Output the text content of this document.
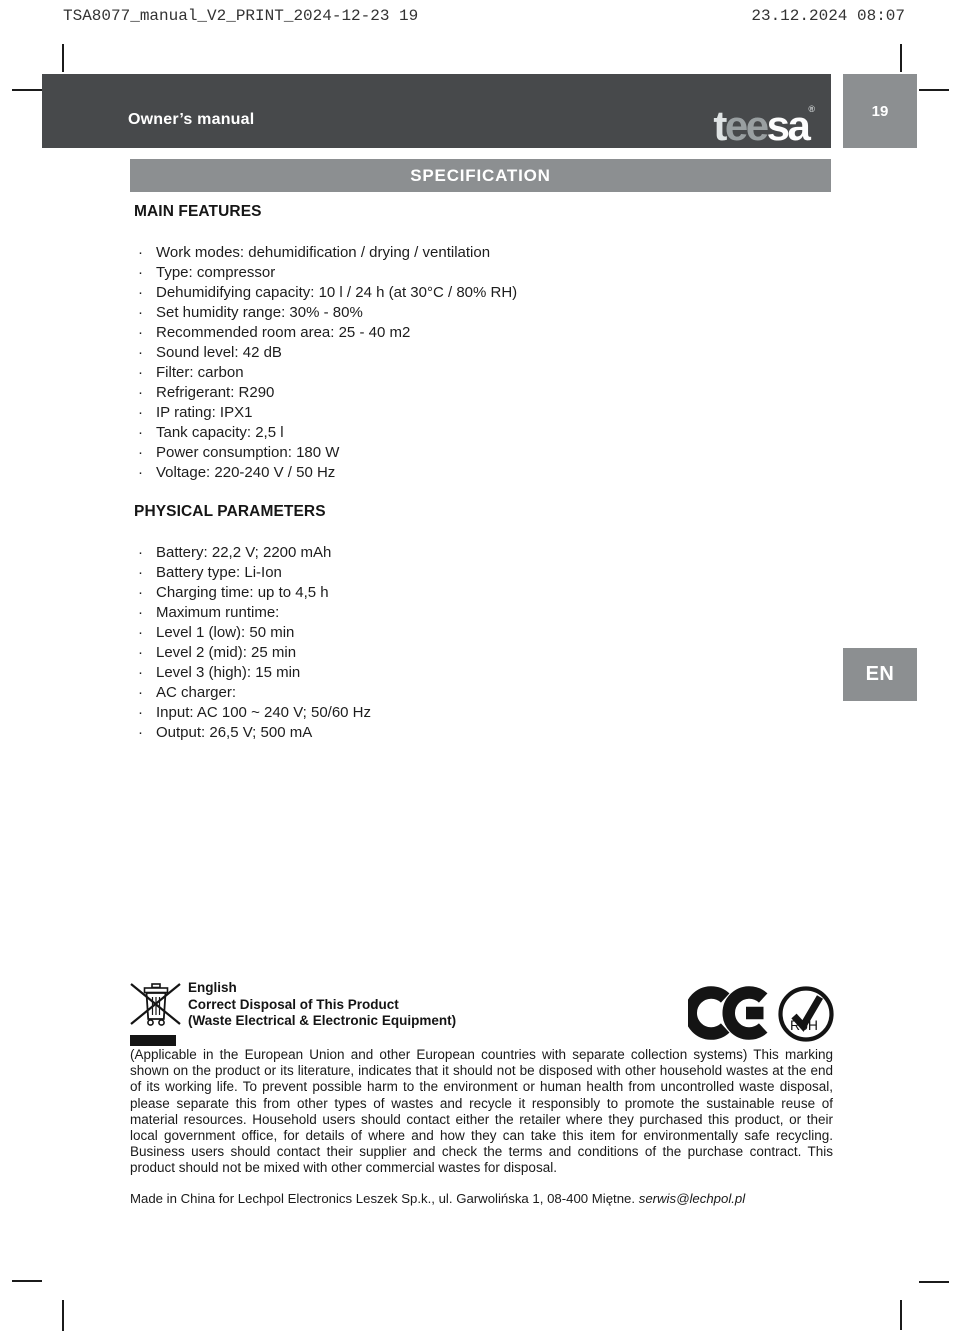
TSA8077_manual_V2_PRINT_2024-12-23 19	23.12.2024 08:07
Owner’s manual	teesa®	19
SPECIFICATION
MAIN FEATURES
· Work modes: dehumidification / drying / ventilation
· Type: compressor
· Dehumidifying capacity: 10 l / 24 h (at 30°C / 80% RH)
· Set humidity range: 30% - 80%
· Recommended room area: 25 - 40 m2
· Sound level: 42 dB
· Filter: carbon
· Refrigerant: R290
· IP rating: IPX1
· Tank capacity: 2,5 l
· Power consumption: 180 W
· Voltage: 220-240 V / 50 Hz
PHYSICAL PARAMETERS
· Battery: 22,2 V; 2200 mAh
· Battery type: Li-Ion
· Charging time: up to 4,5 h
· Maximum runtime:
· Level 1 (low): 50 min
· Level 2 (mid): 25 min
· Level 3 (high): 15 min
· AC charger:
· Input: AC 100 ~ 240 V; 50/60 Hz
· Output: 26,5 V; 500 mA
EN
English
Correct Disposal of This Product
(Waste Electrical & Electronic Equipment)	RoH
(Applicable in the European Union and other European countries with separate collection systems) This marking shown on the product or its literature, indicates that it should not be disposed with other household wastes at the end of its working life. To prevent possible harm to the environment or human health from uncontrolled waste disposal, please separate this from other types of wastes and recycle it responsibly to promote the sustainable reuse of material resources. Household users should contact either the retailer where they purchased this product, or their local government office, for details of where and how they can take this item for environmentally safe recycling. Business users should contact their supplier and check the terms and conditions of the purchase contract. This product should not be mixed with other commercial wastes for disposal.
Made in China for Lechpol Electronics Leszek Sp.k., ul. Garwolińska 1, 08-400 Miętne. serwis@lechpol.pl
